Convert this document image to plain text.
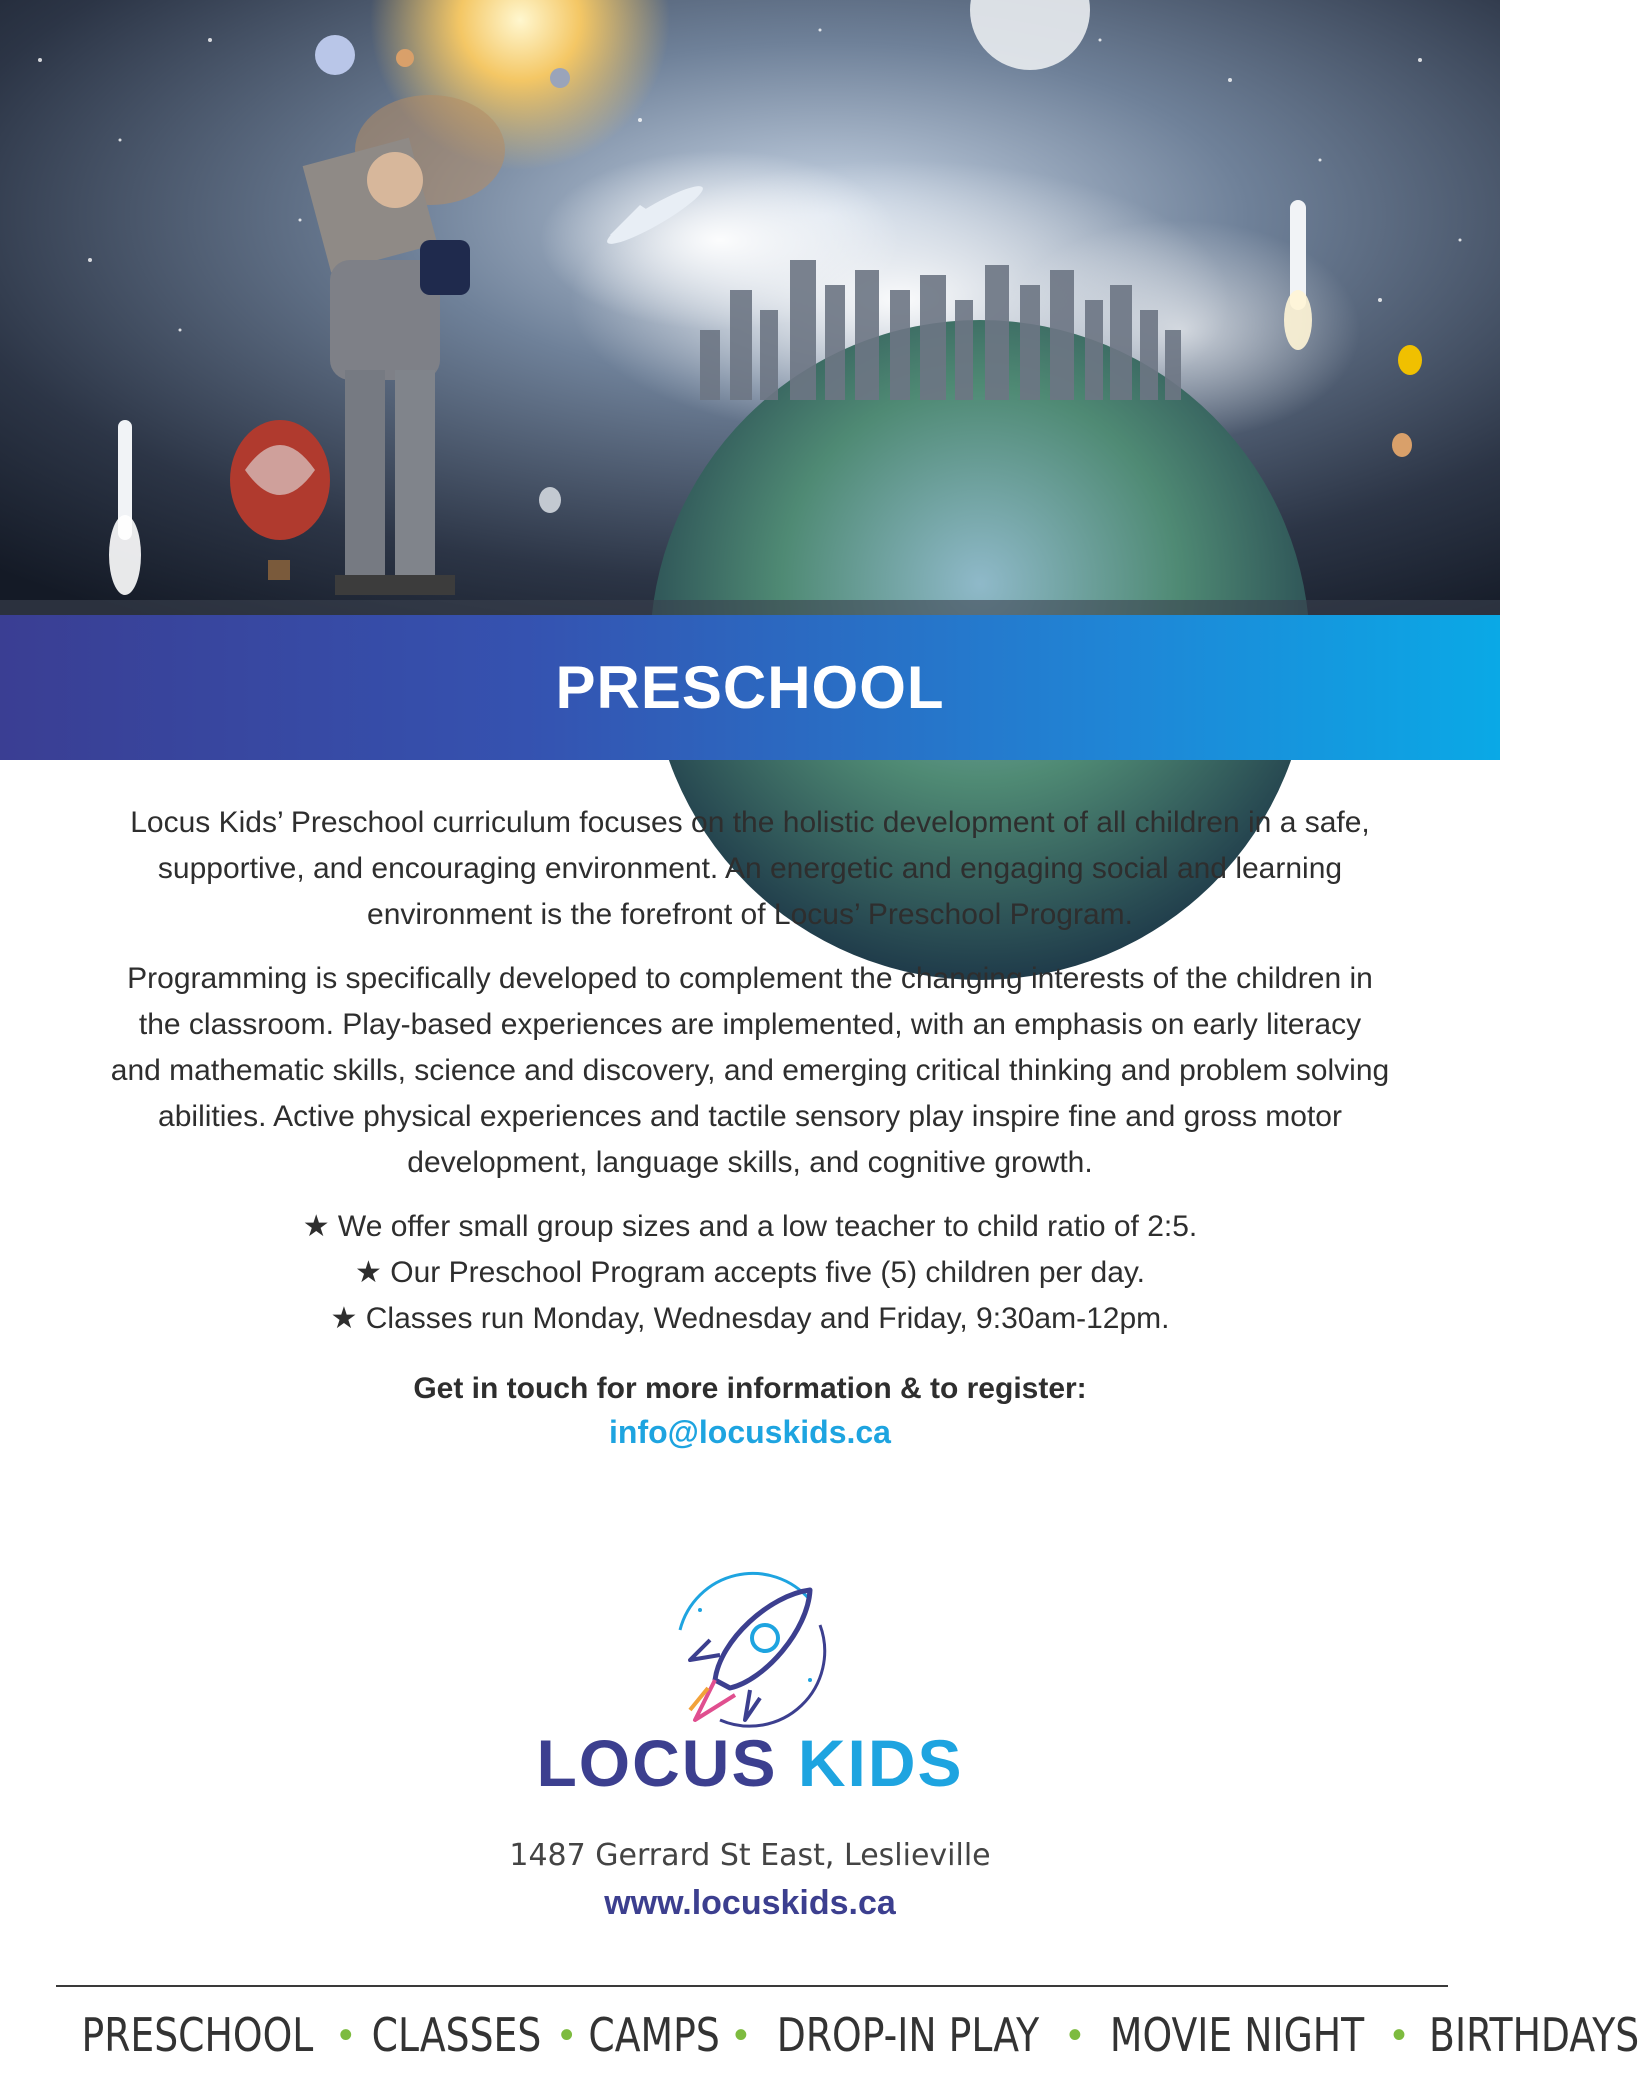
PRESCHOOL

Locus Kids’ Preschool curriculum focuses on the holistic development of all children in a safe, supportive, and encouraging environment. An energetic and engaging social and learning environment is the forefront of Locus’ Preschool Program.

Programming is specifically developed to complement the changing interests of the children in the classroom. Play-based experiences are implemented, with an emphasis on early literacy and mathematic skills, science and discovery, and emerging critical thinking and problem solving abilities. Active physical experiences and tactile sensory play inspire fine and gross motor development, language skills, and cognitive growth.

★ We offer small group sizes and a low teacher to child ratio of 2:5.
★ Our Preschool Program accepts five (5) children per day.
★ Classes run Monday, Wednesday and Friday, 9:30am-12pm.

Get in touch for more information & to register:
info@locuskids.ca

LOCUS KIDS
1487 Gerrard St East, Leslieville
www.locuskids.ca
PRESCHOOL • CLASSES • CAMPS • DROP-IN PLAY • MOVIE NIGHT • BIRTHDAYS
